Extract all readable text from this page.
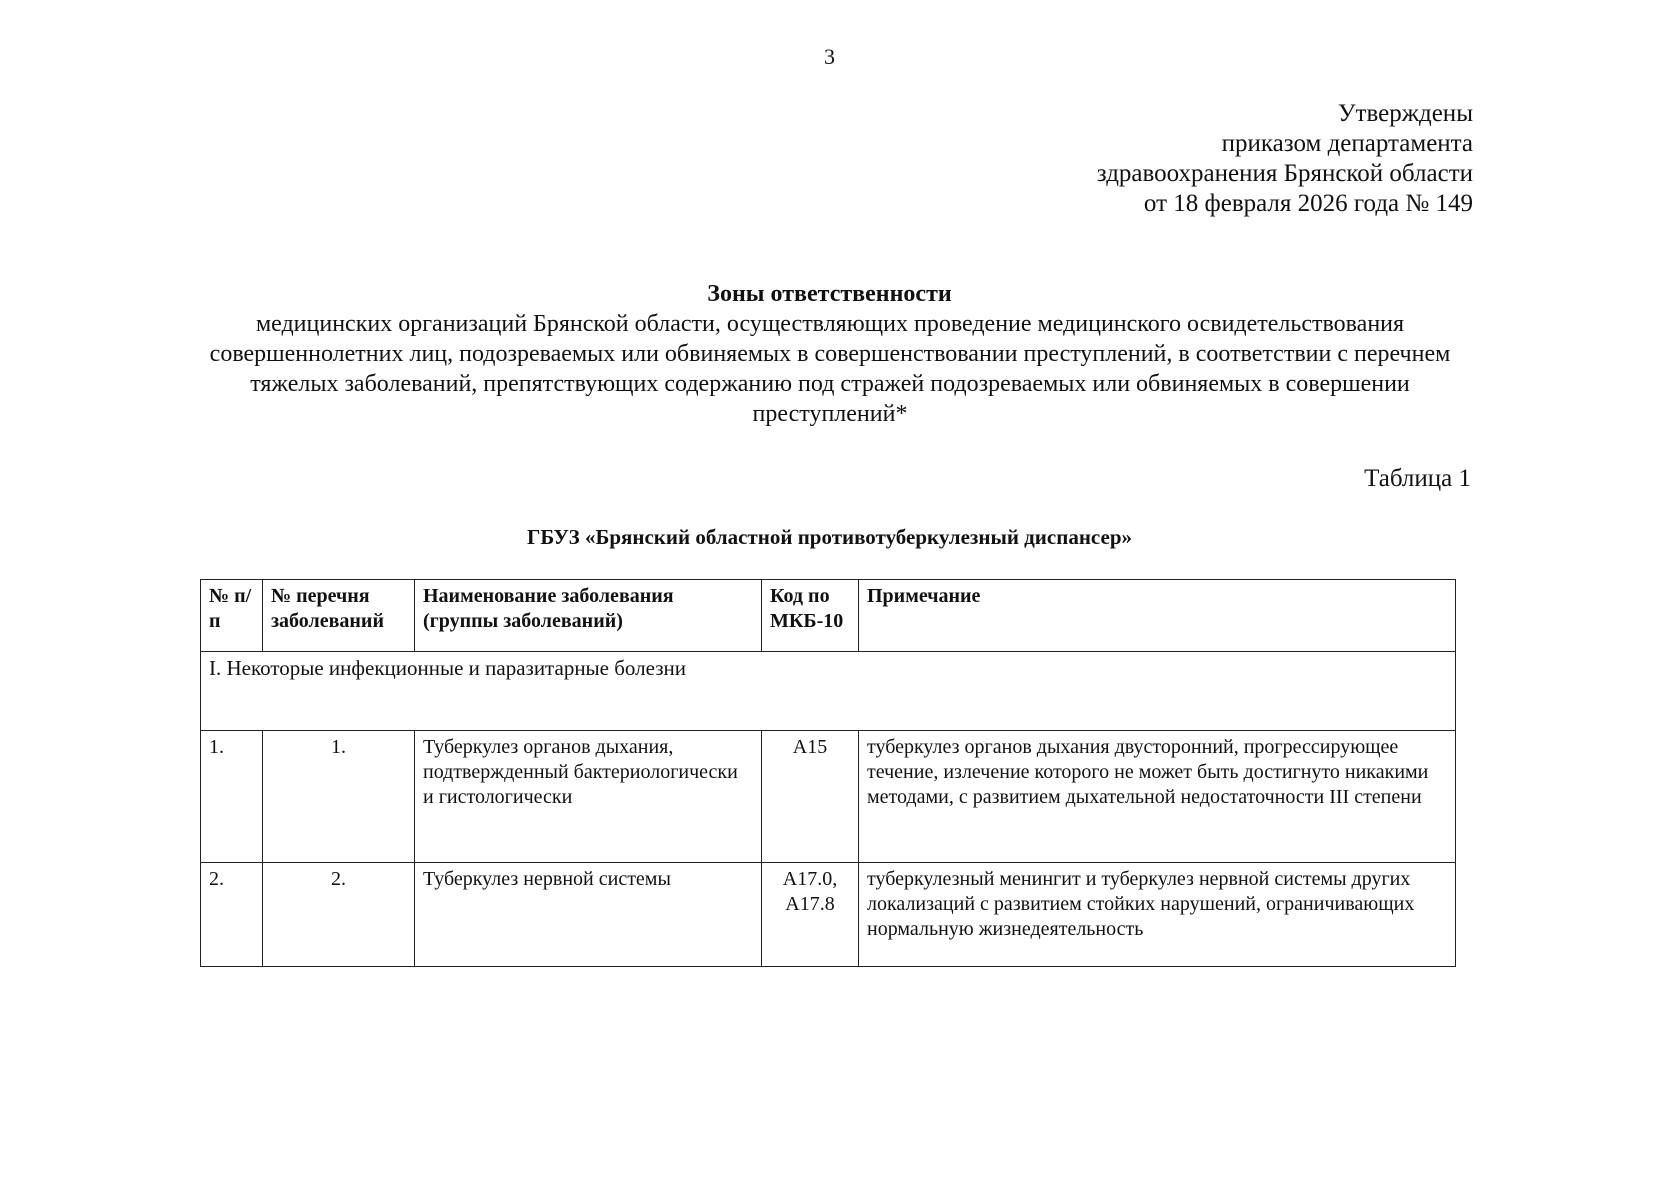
3
Утверждены
приказом департамента
здравоохранения Брянской области
от 18 февраля 2026 года № 149
Зоны ответственности
медицинских организаций Брянской области, осуществляющих проведение медицинского освидетельствования совершеннолетних лиц, подозреваемых или обвиняемых в совершенствовании преступлений, в соответствии с перечнем тяжелых заболеваний, препятствующих содержанию под стражей подозреваемых или обвиняемых в совершении преступлений*
Таблица 1
ГБУЗ «Брянский областной противотуберкулезный диспансер»
№ п/п	№ перечня заболеваний	Наименование заболевания (группы заболеваний)	Код по МКБ-10	Примечание
I. Некоторые инфекционные и паразитарные болезни				
1.	1.	Туберкулез органов дыхания, подтвержденный бактериологически и гистологически	A15	туберкулез органов дыхания двусторонний, прогрессирующее течение, излечение которого не может быть достигнуто никакими методами, с развитием дыхательной недостаточности III степени
2.	2.	Туберкулез нервной системы	A17.0, A17.8	туберкулезный менингит и туберкулез нервной системы других локализаций с развитием стойких нарушений, ограничивающих нормальную жизнедеятельность
